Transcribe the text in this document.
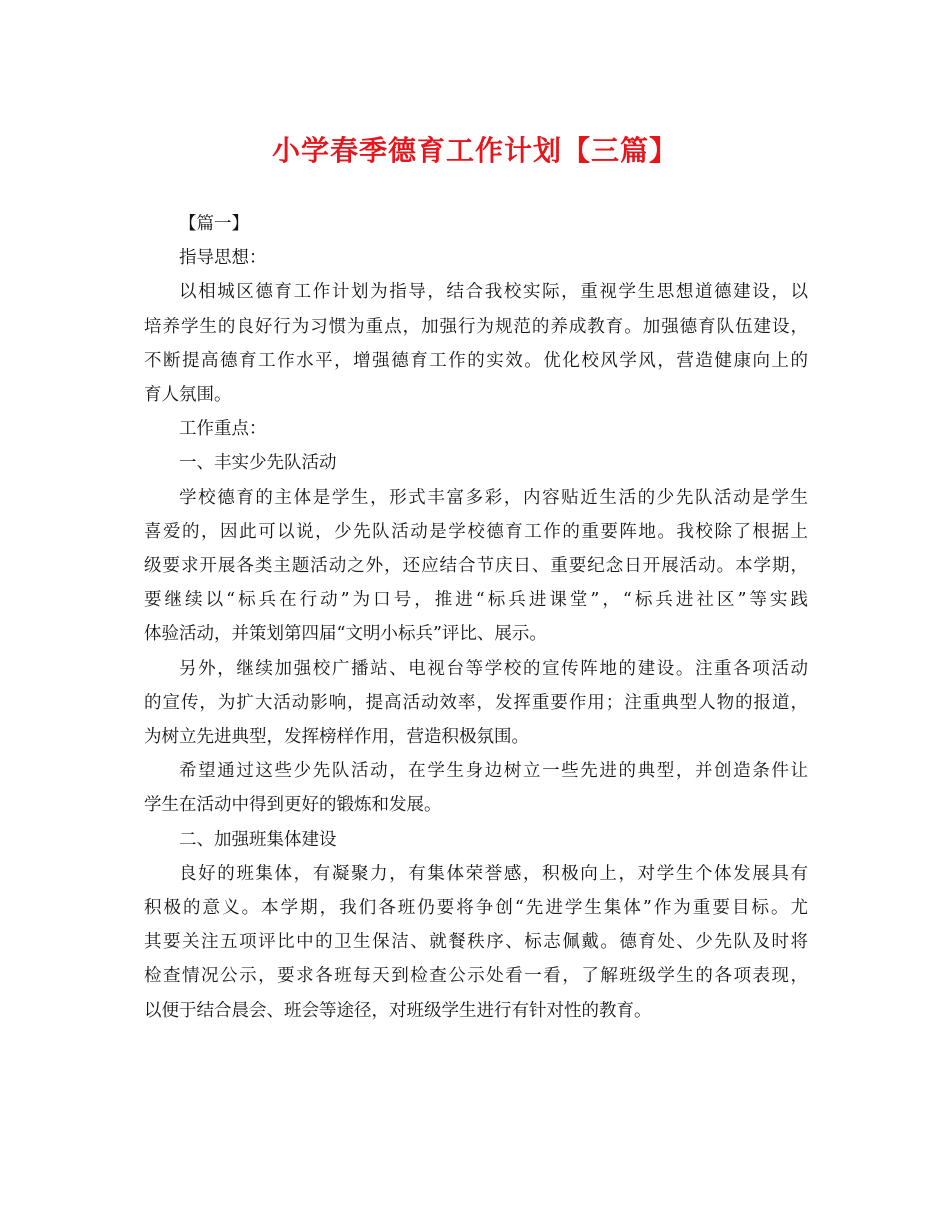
小学春季德育工作计划【三篇】
【篇一】
指导思想：
以相城区德育工作计划为指导，结合我校实际，重视学生思想道德建设，以
培养学生的良好行为习惯为重点，加强行为规范的养成教育。加强德育队伍建设，
不断提高德育工作水平，增强德育工作的实效。优化校风学风，营造健康向上的
育人氛围。
工作重点：
一、丰实少先队活动
学校德育的主体是学生，形式丰富多彩，内容贴近生活的少先队活动是学生
喜爱的，因此可以说，少先队活动是学校德育工作的重要阵地。我校除了根据上
级要求开展各类主题活动之外，还应结合节庆日、重要纪念日开展活动。本学期，
要继续以“标兵在行动”为口号，推进“标兵进课堂”，“标兵进社区”等实践
体验活动，并策划第四届“文明小标兵”评比、展示。
另外，继续加强校广播站、电视台等学校的宣传阵地的建设。注重各项活动
的宣传，为扩大活动影响，提高活动效率，发挥重要作用；注重典型人物的报道，
为树立先进典型，发挥榜样作用，营造积极氛围。
希望通过这些少先队活动，在学生身边树立一些先进的典型，并创造条件让
学生在活动中得到更好的锻炼和发展。
二、加强班集体建设
良好的班集体，有凝聚力，有集体荣誉感，积极向上，对学生个体发展具有
积极的意义。本学期，我们各班仍要将争创“先进学生集体”作为重要目标。尤
其要关注五项评比中的卫生保洁、就餐秩序、标志佩戴。德育处、少先队及时将
检查情况公示，要求各班每天到检查公示处看一看，了解班级学生的各项表现，
以便于结合晨会、班会等途径，对班级学生进行有针对性的教育。
